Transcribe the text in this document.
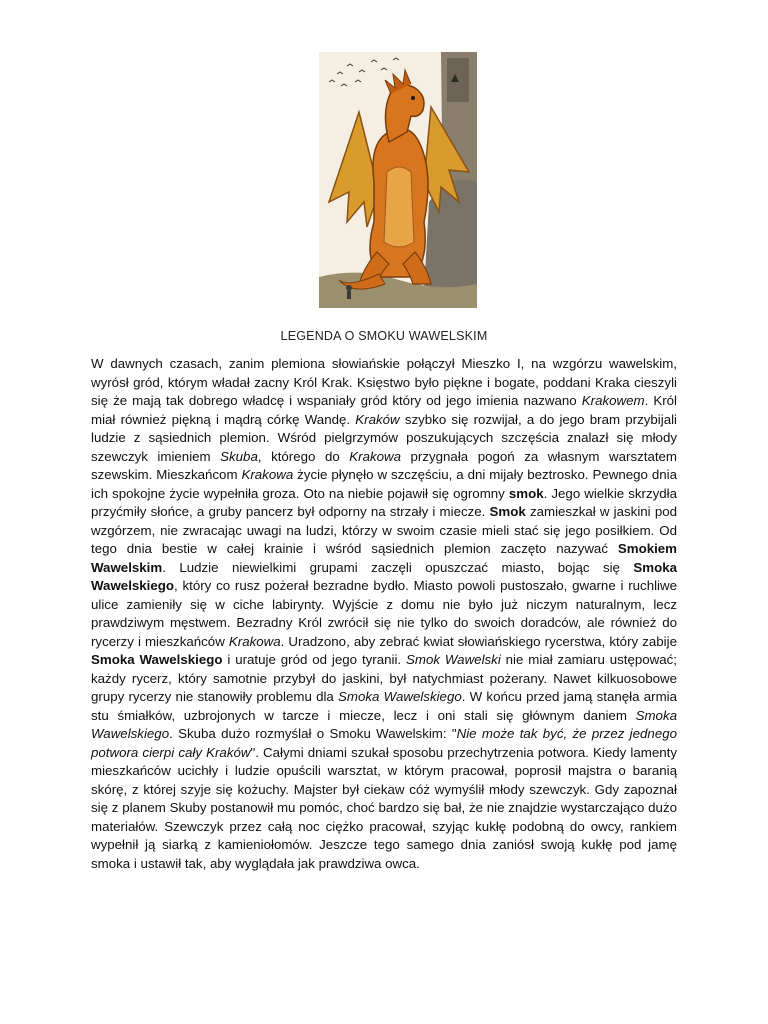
LEGENDA O SMOKU WAWELSKIM

W dawnych czasach, zanim plemiona słowiańskie połączył Mieszko I, na wzgórzu wawelskim, wyrósł gród, którym władał zacny Król Krak. Księstwo było piękne i bogate, poddani Kraka cieszyli się że mają tak dobrego władcę i wspaniały gród który od jego imienia nazwano Krakowem. Król miał również piękną i mądrą córkę Wandę. Kraków szybko się rozwijał, a do jego bram przybijali ludzie z sąsiednich plemion. Wśród pielgrzymów poszukujących szczęścia znalazł się młody szewczyk imieniem Skuba, którego do Krakowa przygnała pogoń za własnym warsztatem szewskim. Mieszkańcom Krakowa życie płynęło w szczęściu, a dni mijały beztrosko. Pewnego dnia ich spokojne życie wypełniła groza. Oto na niebie pojawił się ogromny smok. Jego wielkie skrzydła przyćmiły słońce, a gruby pancerz był odporny na strzały i miecze. Smok zamieszkał w jaskini pod wzgórzem, nie zwracając uwagi na ludzi, którzy w swoim czasie mieli stać się jego posiłkiem. Od tego dnia bestie w całej krainie i wśród sąsiednich plemion zaczęto nazywać Smokiem Wawelskim. Ludzie niewielkimi grupami zaczęli opuszczać miasto, bojąc się Smoka Wawelskiego, który co rusz pożerał bezradne bydło. Miasto powoli pustoszało, gwarne i ruchliwe ulice zamieniły się w ciche labirynty. Wyjście z domu nie było już niczym naturalnym, lecz prawdziwym męstwem. Bezradny Król zwrócił się nie tylko do swoich doradców, ale również do rycerzy i mieszkańców Krakowa. Uradzono, aby zebrać kwiat słowiańskiego rycerstwa, który zabije Smoka Wawelskiego i uratuje gród od jego tyranii. Smok Wawelski nie miał zamiaru ustępować; każdy rycerz, który samotnie przybył do jaskini, był natychmiast pożerany. Nawet kilkuosobowe grupy rycerzy nie stanowiły problemu dla Smoka Wawelskiego. W końcu przed jamą stanęła armia stu śmiałków, uzbrojonych w tarcze i miecze, lecz i oni stali się głównym daniem Smoka Wawelskiego. Skuba dużo rozmyślał o Smoku Wawelskim: "Nie może tak być, że przez jednego potwora cierpi cały Kraków". Całymi dniami szukał sposobu przechytrzenia potwora. Kiedy lamenty mieszkańców ucichły i ludzie opuścili warsztat, w którym pracował, poprosił majstra o baranią skórę, z której szyje się kożuchy. Majster był ciekaw cóż wymyślił młody szewczyk. Gdy zapoznał się z planem Skuby postanowił mu pomóc, choć bardzo się bał, że nie znajdzie wystarczająco dużo materiałów. Szewczyk przez całą noc ciężko pracował, szyjąc kukłę podobną do owcy, rankiem wypełnił ją siarką z kamieniołomów. Jeszcze tego samego dnia zaniósł swoją kukłę pod jamę smoka i ustawił tak, aby wyglądała jak prawdziwa owca.
